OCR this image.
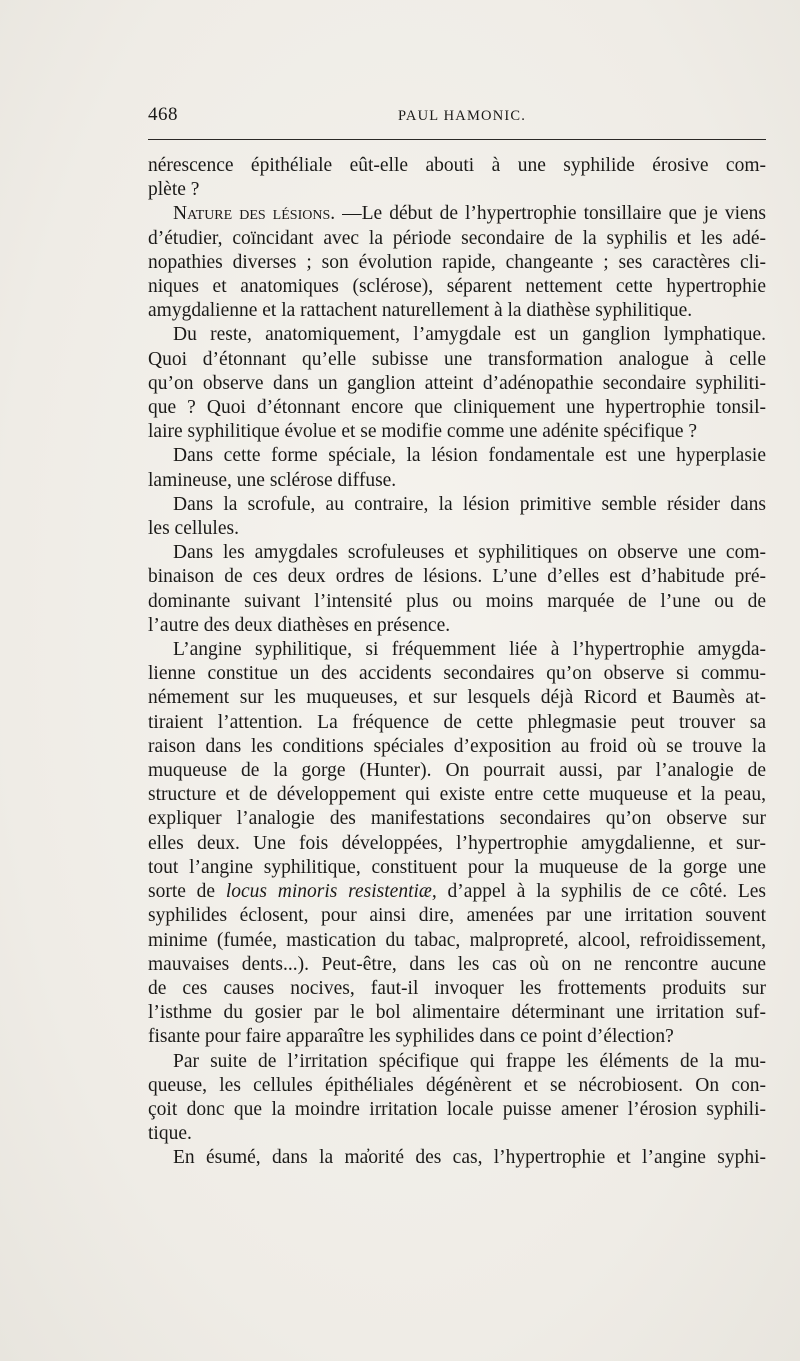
468	PAUL HAMONIC.

nérescence épithéliale eût-elle abouti à une syphilide érosive com-

plète ?

Nature des lésions. —Le début de l’hypertrophie tonsillaire que je viens

d’étudier, coïncidant avec la période secondaire de la syphilis et les adé-

nopathies diverses ; son évolution rapide, changeante ; ses caractères cli-

niques et anatomiques (sclérose), séparent nettement cette hypertrophie

amygdalienne et la rattachent naturellement à la diathèse syphilitique.

Du reste, anatomiquement, l’amygdale est un ganglion lymphatique.

Quoi d’étonnant qu’elle subisse une transformation analogue à celle

qu’on observe dans un ganglion atteint d’adénopathie secondaire syphiliti-

que ? Quoi d’étonnant encore que cliniquement une hypertrophie tonsil-

laire syphilitique évolue et se modifie comme une adénite spécifique ?

Dans cette forme spéciale, la lésion fondamentale est une hyperplasie

lamineuse, une sclérose diffuse.

Dans la scrofule, au contraire, la lésion primitive semble résider dans

les cellules.

Dans les amygdales scrofuleuses et syphilitiques on observe une com-

binaison de ces deux ordres de lésions. L’une d’elles est d’habitude pré-

dominante suivant l’intensité plus ou moins marquée de l’une ou de

l’autre des deux diathèses en présence.

L’angine syphilitique, si fréquemment liée à l’hypertrophie amygda-

lienne constitue un des accidents secondaires qu’on observe si commu-

némement sur les muqueuses, et sur lesquels déjà Ricord et Baumès at-

tiraient l’attention. La fréquence de cette phlegmasie peut trouver sa

raison dans les conditions spéciales d’exposition au froid où se trouve la

muqueuse de la gorge (Hunter). On pourrait aussi, par l’analogie de

structure et de développement qui existe entre cette muqueuse et la peau,

expliquer l’analogie des manifestations secondaires qu’on observe sur

elles deux. Une fois développées, l’hypertrophie amygdalienne, et sur-

tout l’angine syphilitique, constituent pour la muqueuse de la gorge une

sorte de locus minoris resistentiæ, d’appel à la syphilis de ce côté. Les

syphilides éclosent, pour ainsi dire, amenées par une irritation souvent

minime (fumée, mastication du tabac, malpropreté, alcool, refroidissement,

mauvaises dents...). Peut-être, dans les cas où on ne rencontre aucune

de ces causes nocives, faut-il invoquer les frottements produits sur

l’isthme du gosier par le bol alimentaire déterminant une irritation suf-

fisante pour faire apparaître les syphilides dans ce point d’élection?

Par suite de l’irritation spécifique qui frappe les éléments de la mu-

queuse, les cellules épithéliales dégénèrent et se nécrobiosent. On con-

çoit donc que la moindre irritation locale puisse amener l’érosion syphili-

tique.

En ésumé, dans la ma̓orité des cas, l’hypertrophie et l’angine syphi-
